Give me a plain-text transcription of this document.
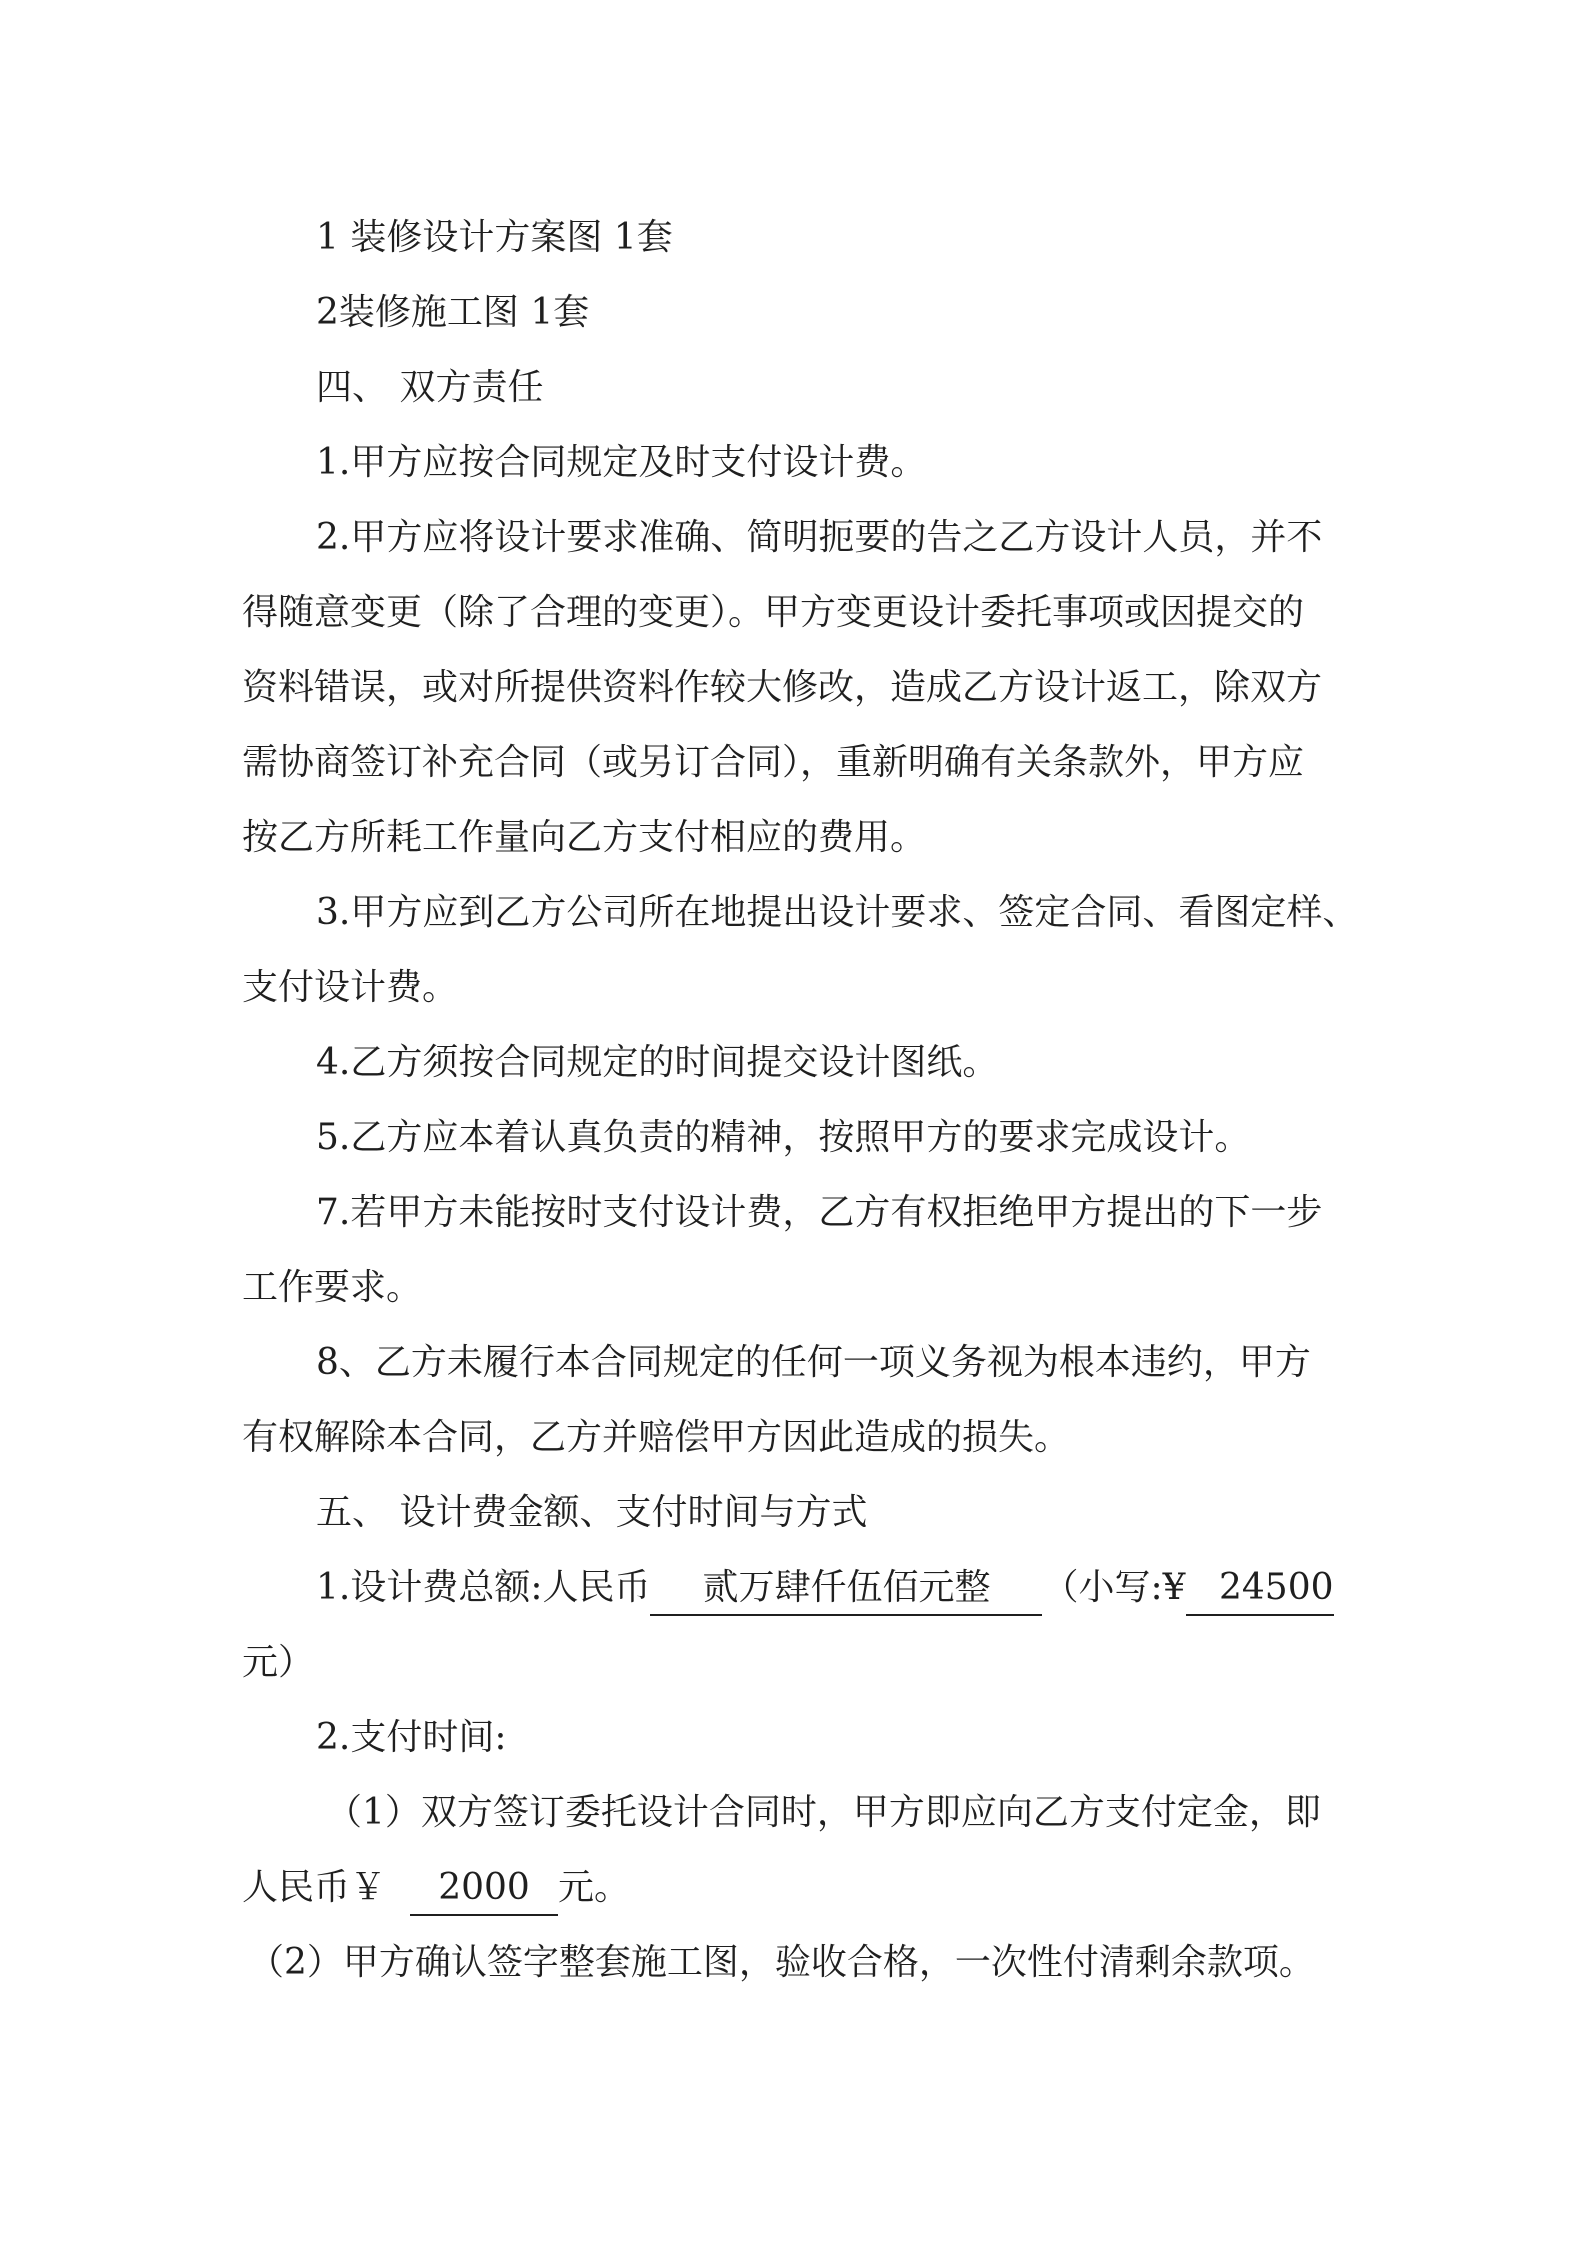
1 装修设计方案图 1套
2装修施工图 1套
四、 双方责任
1.甲方应按合同规定及时支付设计费。
2.甲方应将设计要求准确、简明扼要的告之乙方设计人员，并不
得随意变更（除了合理的变更）。甲方变更设计委托事项或因提交的
资料错误，或对所提供资料作较大修改，造成乙方设计返工，除双方
需协商签订补充合同（或另订合同），重新明确有关条款外，甲方应
按乙方所耗工作量向乙方支付相应的费用。
3.甲方应到乙方公司所在地提出设计要求、签定合同、看图定样、
支付设计费。
4.乙方须按合同规定的时间提交设计图纸。
5.乙方应本着认真负责的精神，按照甲方的要求完成设计。
7.若甲方未能按时支付设计费，乙方有权拒绝甲方提出的下一步
工作要求。
8、乙方未履行本合同规定的任何一项义务视为根本违约，甲方
有权解除本合同，乙方并赔偿甲方因此造成的损失。
五、 设计费金额、支付时间与方式
1.设计费总额:人民币 贰万肆仟伍佰元整 （小写:¥ 24500
元）
2.支付时间:
（1）双方签订委托设计合同时，甲方即应向乙方支付定金，即
人民币￥ 2000 元。
（2）甲方确认签字整套施工图，验收合格，一次性付清剩余款项。
